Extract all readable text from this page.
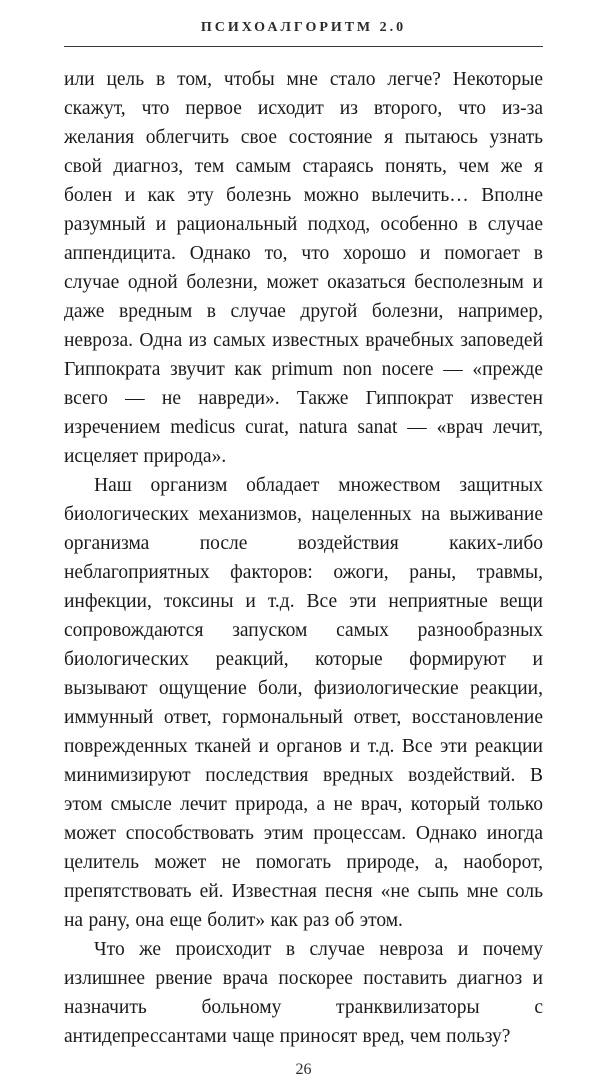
ПСИХОАЛГОРИТМ 2.0

или цель в том, чтобы мне стало легче? Некоторые скажут, что первое исходит из второго, что из-за желания облегчить свое состояние я пытаюсь узнать свой диагноз, тем самым стараясь понять, чем же я болен и как эту болезнь можно вылечить… Вполне разумный и рациональный подход, особенно в случае аппендицита. Однако то, что хорошо и помогает в случае одной болезни, может оказаться бесполезным и даже вредным в случае другой болезни, например, невроза. Одна из самых известных врачебных заповедей Гиппократа звучит как primum non nocere — «прежде всего — не навреди». Также Гиппократ известен изречением medicus curat, natura sanat — «врач лечит, исцеляет природа».

Наш организм обладает множеством защитных биологических механизмов, нацеленных на выживание организма после воздействия каких-либо неблагоприятных факторов: ожоги, раны, травмы, инфекции, токсины и т.д. Все эти неприятные вещи сопровождаются запуском самых разнообразных биологических реакций, которые формируют и вызывают ощущение боли, физиологические реакции, иммунный ответ, гормональный ответ, восстановление поврежденных тканей и органов и т.д. Все эти реакции минимизируют последствия вредных воздействий. В этом смысле лечит природа, а не врач, который только может способствовать этим процессам. Однако иногда целитель может не помогать природе, а, наоборот, препятствовать ей. Известная песня «не сыпь мне соль на рану, она еще болит» как раз об этом.

Что же происходит в случае невроза и почему излишнее рвение врача поскорее поставить диагноз и назначить больному транквилизаторы с антидепрессантами чаще приносят вред, чем пользу?

26
